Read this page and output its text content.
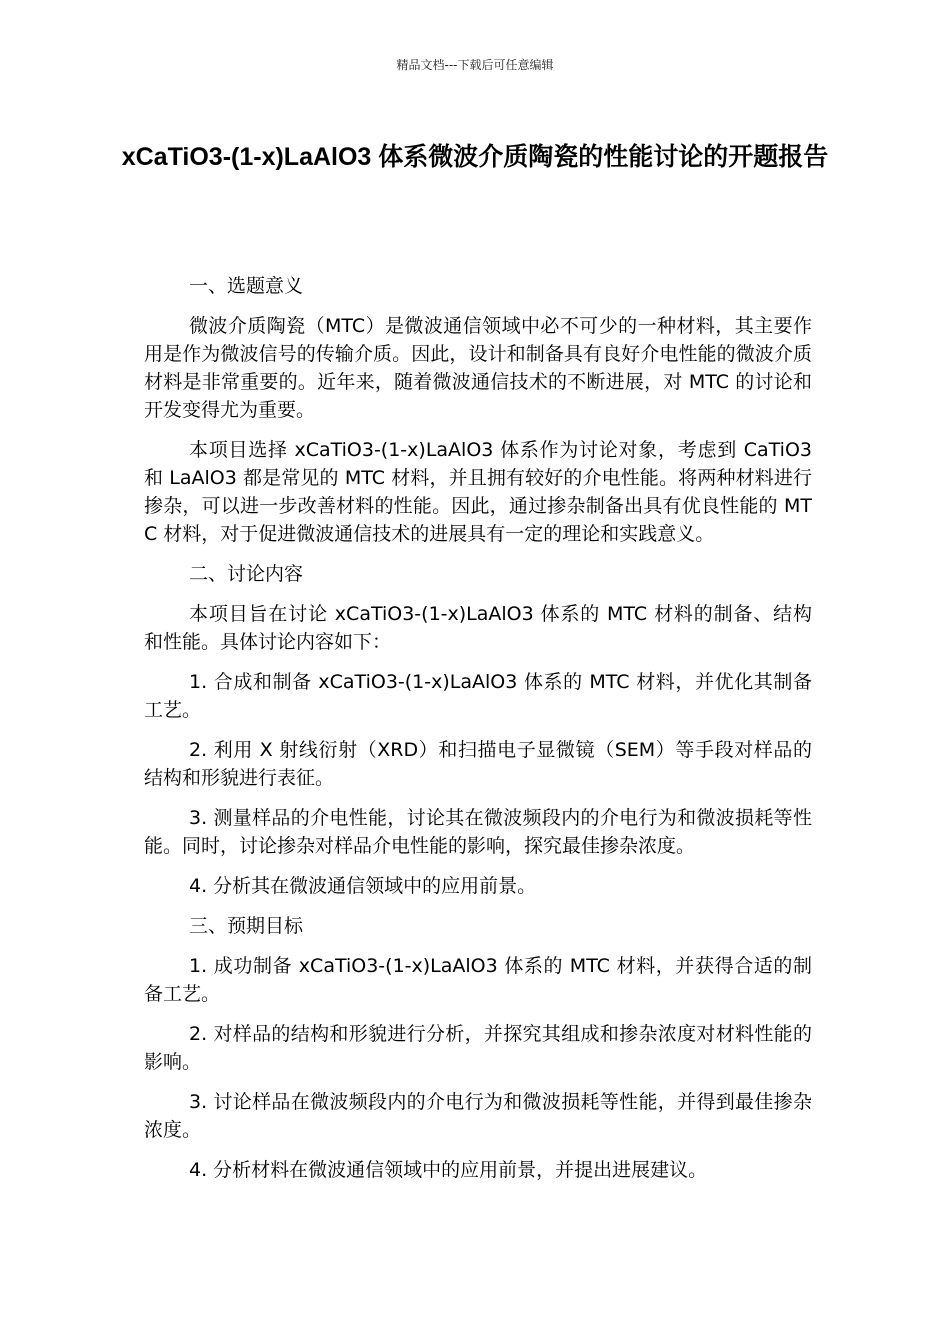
精品文档---下载后可任意编辑
xCaTiO3-(1-x)LaAlO3 体系微波介质陶瓷的性能讨论的开题报告
一、选题意义

微波介质陶瓷（MTC）是微波通信领域中必不可少的一种材料，其主要作用是作为微波信号的传输介质。因此，设计和制备具有良好介电性能的微波介质材料是非常重要的。近年来，随着微波通信技术的不断进展，对 MTC 的讨论和开发变得尤为重要。

本项目选择 xCaTiO3-(1-x)LaAlO3 体系作为讨论对象，考虑到 CaTiO3 和 LaAlO3 都是常见的 MTC 材料，并且拥有较好的介电性能。将两种材料进行掺杂，可以进一步改善材料的性能。因此，通过掺杂制备出具有优良性能的 MTC 材料，对于促进微波通信技术的进展具有一定的理论和实践意义。

二、讨论内容

本项目旨在讨论 xCaTiO3-(1-x)LaAlO3 体系的 MTC 材料的制备、结构和性能。具体讨论内容如下：

1. 合成和制备 xCaTiO3-(1-x)LaAlO3 体系的 MTC 材料，并优化其制备工艺。

2. 利用 X 射线衍射（XRD）和扫描电子显微镜（SEM）等手段对样品的结构和形貌进行表征。

3. 测量样品的介电性能，讨论其在微波频段内的介电行为和微波损耗等性能。同时，讨论掺杂对样品介电性能的影响，探究最佳掺杂浓度。

4. 分析其在微波通信领域中的应用前景。

三、预期目标

1. 成功制备 xCaTiO3-(1-x)LaAlO3 体系的 MTC 材料，并获得合适的制备工艺。

2. 对样品的结构和形貌进行分析，并探究其组成和掺杂浓度对材料性能的影响。

3. 讨论样品在微波频段内的介电行为和微波损耗等性能，并得到最佳掺杂浓度。

4. 分析材料在微波通信领域中的应用前景，并提出进展建议。
